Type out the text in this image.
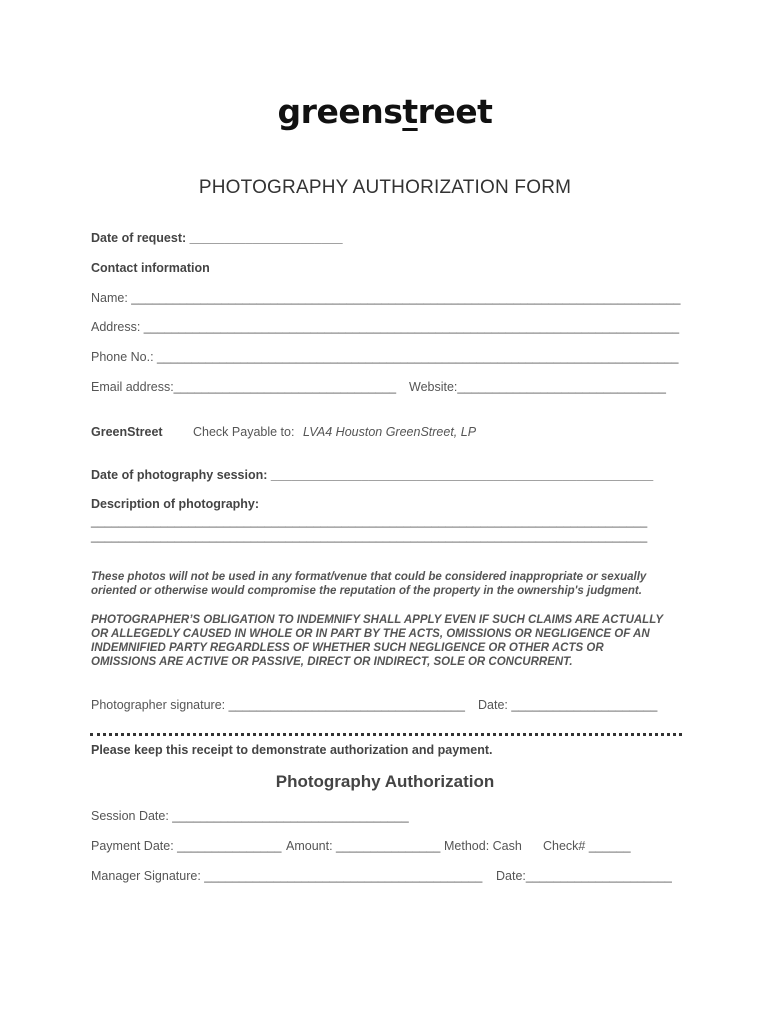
greenstreet
PHOTOGRAPHY AUTHORIZATION FORM
Date of request: ______________________
Contact information
Name: _______________________________________________________________________________
Address: _____________________________________________________________________________
Phone No.: ___________________________________________________________________________
Email address:________________________________ Website:______________________________
GreenStreet Check Payable to: LVA4 Houston GreenStreet, LP
Date of photography session: _______________________________________________________
Description of photography:
________________________________________________________________________________
________________________________________________________________________________
These photos will not be used in any format/venue that could be considered inappropriate or sexually oriented or otherwise would compromise the reputation of the property in the ownership's judgment.
PHOTOGRAPHER’S OBLIGATION TO INDEMNIFY SHALL APPLY EVEN IF SUCH CLAIMS ARE ACTUALLY OR ALLEGEDLY CAUSED IN WHOLE OR IN PART BY THE ACTS, OMISSIONS OR NEGLIGENCE OF AN INDEMNIFIED PARTY REGARDLESS OF WHETHER SUCH NEGLIGENCE OR OTHER ACTS OR OMISSIONS ARE ACTIVE OR PASSIVE, DIRECT OR INDIRECT, SOLE OR CONCURRENT.
Photographer signature: __________________________________ Date: _____________________
Please keep this receipt to demonstrate authorization and payment.
Photography Authorization
Session Date: __________________________________
Payment Date: _______________ Amount: _______________ Method: Cash Check# ______
Manager Signature: ________________________________________ Date:_____________________
